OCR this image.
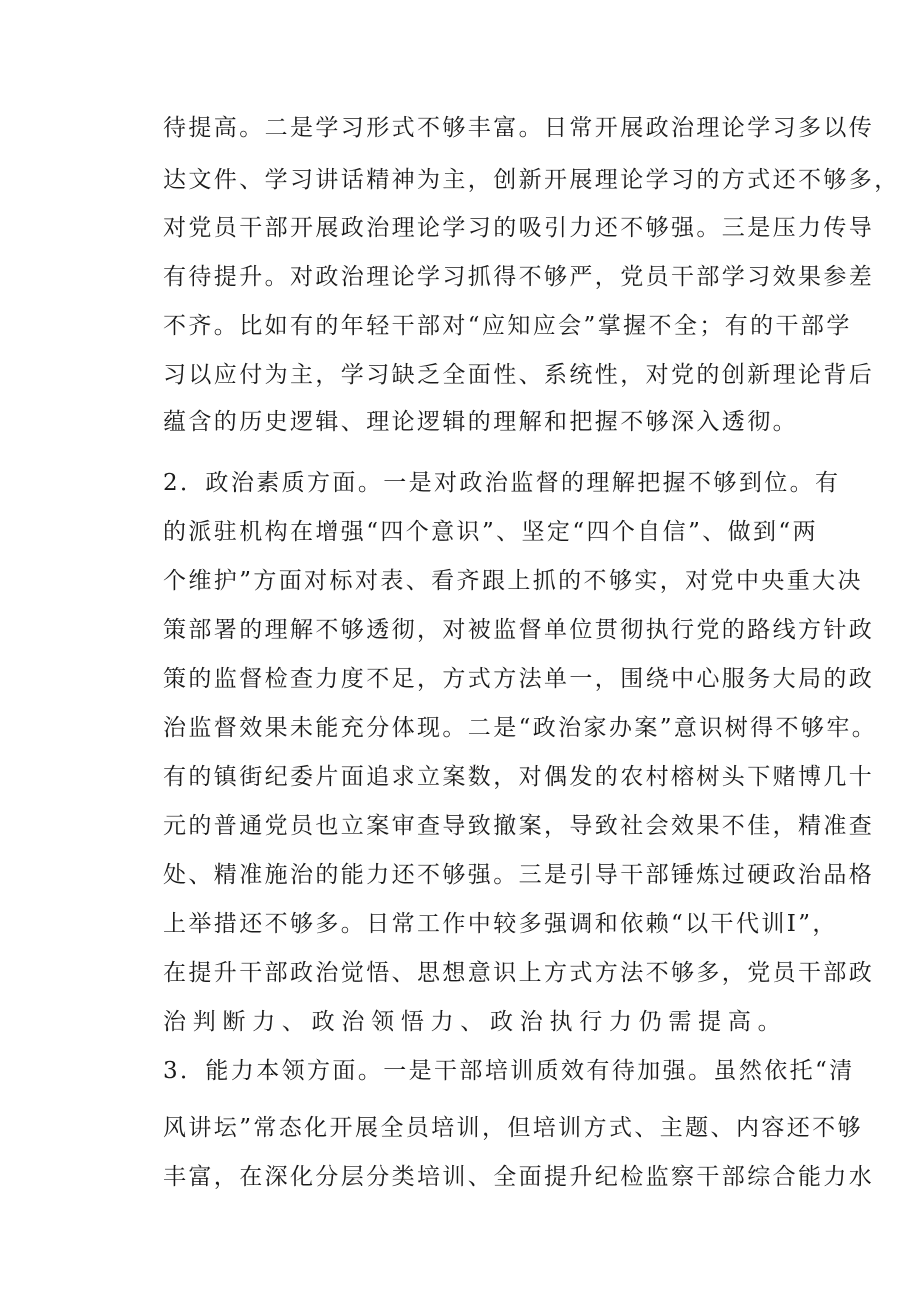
待提高。二是学习形式不够丰富。日常开展政治理论学习多以传
达文件、学习讲话精神为主，创新开展理论学习的方式还不够多，
对党员干部开展政治理论学习的吸引力还不够强。三是压力传导
有待提升。对政治理论学习抓得不够严，党员干部学习效果参差
不齐。比如有的年轻干部对“应知应会”掌握不全；有的干部学
习以应付为主，学习缺乏全面性、系统性，对党的创新理论背后
蕴含的历史逻辑、理论逻辑的理解和把握不够深入透彻。
2．政治素质方面。一是对政治监督的理解把握不够到位。有
的派驻机构在增强“四个意识”、坚定“四个自信”、做到“两
个维护”方面对标对表、看齐跟上抓的不够实，对党中央重大决
策部署的理解不够透彻，对被监督单位贯彻执行党的路线方针政
策的监督检查力度不足，方式方法单一，围绕中心服务大局的政
治监督效果未能充分体现。二是“政治家办案”意识树得不够牢。
有的镇街纪委片面追求立案数，对偶发的农村榕树头下赌博几十
元的普通党员也立案审查导致撤案，导致社会效果不佳，精准查
处、精准施治的能力还不够强。三是引导干部锤炼过硬政治品格
上举措还不够多。日常工作中较多强调和依赖“以干代训I”，
在提升干部政治觉悟、思想意识上方式方法不够多，党员干部政
治判断力、政治领悟力、政治执行力仍需提高。
3．能力本领方面。一是干部培训质效有待加强。虽然依托“清
风讲坛”常态化开展全员培训，但培训方式、主题、内容还不够
丰富，在深化分层分类培训、全面提升纪检监察干部综合能力水
